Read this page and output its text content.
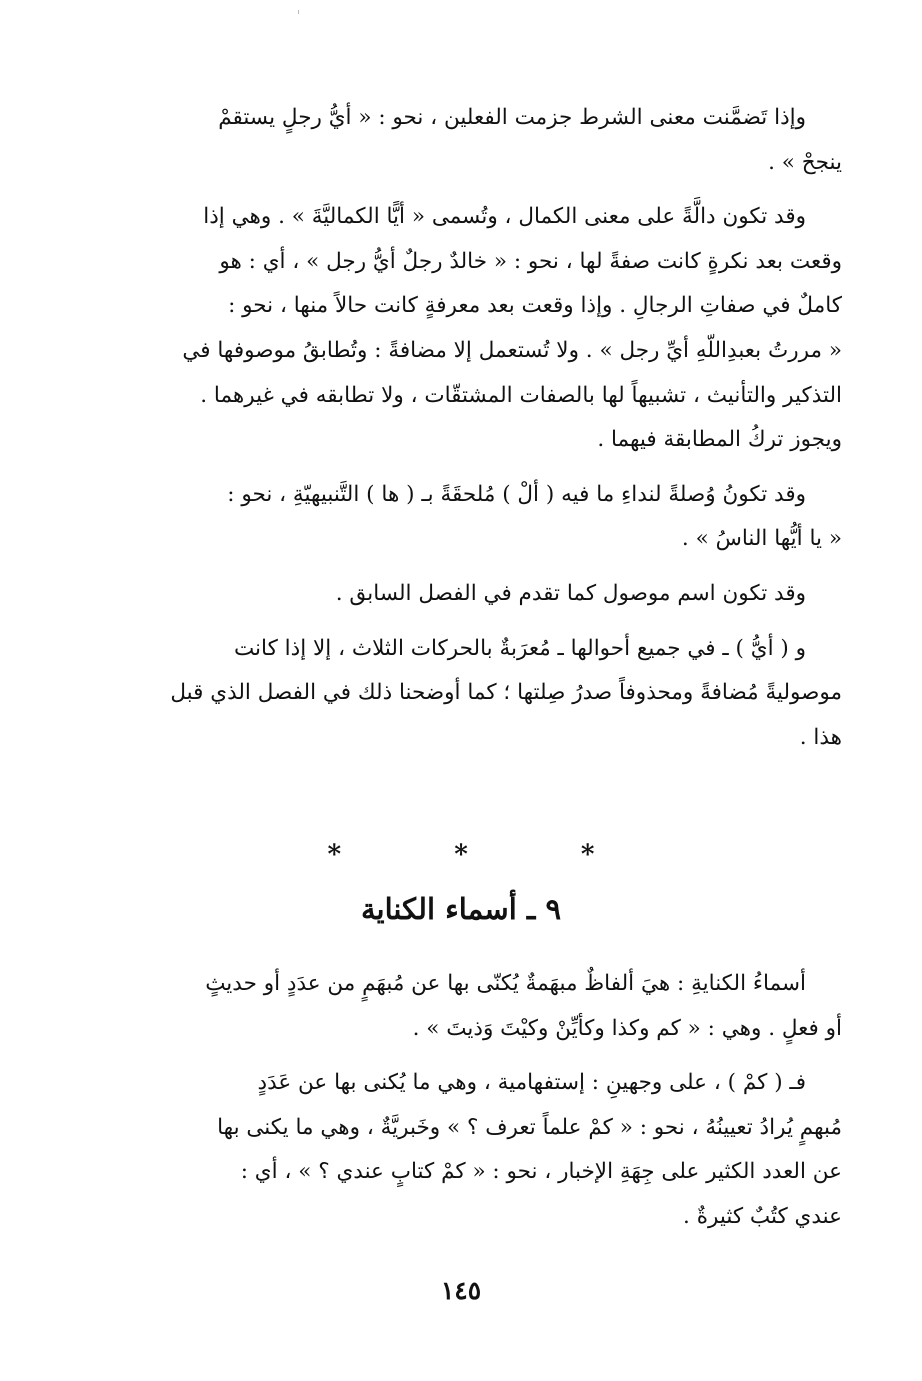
وإذا تَضمَّنت معنى الشرط جزمت الفعلين ، نحو : « أيُّ رجلٍ يستقمْ
ينجحْ » .

وقد تكون دالَّةً على معنى الكمال ، وتُسمى « أيًّا الكماليَّةَ » . وهي إذا
وقعت بعد نكرةٍ كانت صفةً لها ، نحو : « خالدٌ رجلٌ أيُّ رجل » ، أي : هو
كاملٌ في صفاتِ الرجالِ . وإذا وقعت بعد معرفةٍ كانت حالاً منها ، نحو :
« مررتُ بعبدِاللّهِ أيِّ رجل » . ولا تُستعمل إلا مضافةً : وتُطابقُ موصوفها في
التذكير والتأنيث ، تشبيهاً لها بالصفات المشتقّات ، ولا تطابقه في غيرهما .
ويجوز تركُ المطابقة فيهما .

وقد تكونُ وُصلةً لنداءِ ما فيه ( ألْ ) مُلحقَةً بـ ( ها ) التَّنبيهيّةِ ، نحو :
« يا أيُّها الناسُ » .

وقد تكون اسم موصول كما تقدم في الفصل السابق .

و ( أيُّ ) ـ في جميع أحوالها ـ مُعرَبةٌ بالحركات الثلاث ، إلا إذا كانت
موصوليةً مُضافةً ومحذوفاً صدرُ صِلتها ؛ كما أوضحنا ذلك في الفصل الذي قبل
هذا .

* * *
٩ ـ أسماء الكناية

أسماءُ الكنايةِ : هيَ ألفاظٌ مبهَمةٌ يُكنّى بها عن مُبهَمٍ من عدَدٍ أو حديثٍ
أو فعلٍ . وهي : « كم وكذا وكأيِّنْ وكيْتَ وَذيتَ » .

فـ ( كمْ ) ، على وجهينِ : إستفهامية ، وهي ما يُكنى بها عن عَدَدٍ
مُبهمٍ يُرادُ تعيينُهُ ، نحو : « كمْ علماً تعرف ؟ » وخَبريَّةٌ ، وهي ما يكنى بها
عن العدد الكثير على جِهَةِ الإخبار ، نحو : « كمْ كتابٍ عندي ؟ » ، أي :
عندي كتُبٌ كثيرةٌ .

١٤٥
